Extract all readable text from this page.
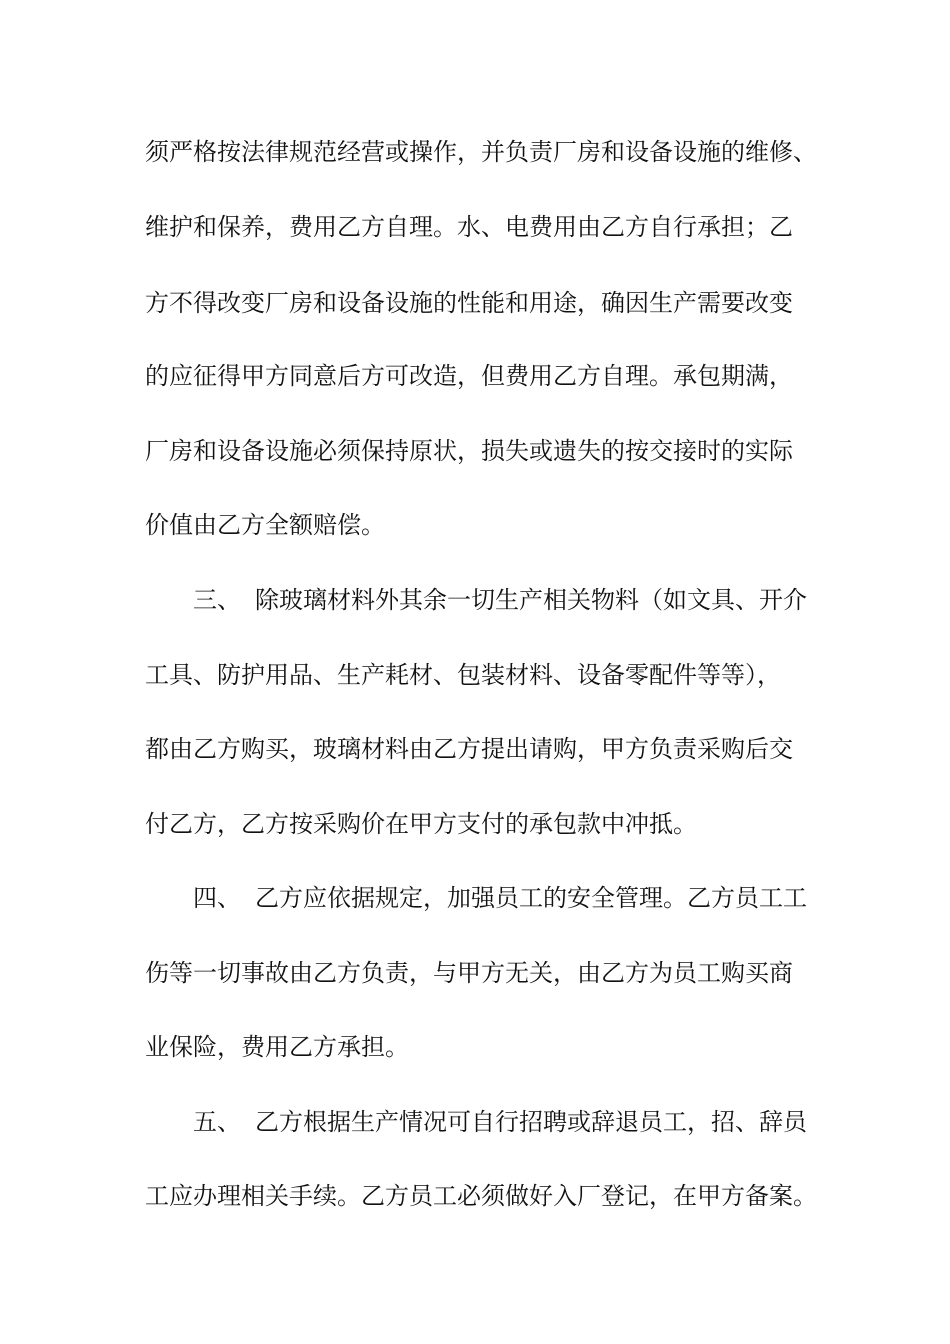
须严格按法律规范经营或操作，并负责厂房和设备设施的维修、
维护和保养，费用乙方自理。水、电费用由乙方自行承担；乙
方不得改变厂房和设备设施的性能和用途，确因生产需要改变
的应征得甲方同意后方可改造，但费用乙方自理。承包期满，
厂房和设备设施必须保持原状，损失或遗失的按交接时的实际
价值由乙方全额赔偿。
三、 除玻璃材料外其余一切生产相关物料（如文具、开介
工具、防护用品、生产耗材、包装材料、设备零配件等等），
都由乙方购买，玻璃材料由乙方提出请购，甲方负责采购后交
付乙方，乙方按采购价在甲方支付的承包款中冲抵。
四、 乙方应依据规定，加强员工的安全管理。乙方员工工
伤等一切事故由乙方负责，与甲方无关，由乙方为员工购买商
业保险，费用乙方承担。
五、 乙方根据生产情况可自行招聘或辞退员工，招、辞员
工应办理相关手续。乙方员工必须做好入厂登记，在甲方备案。
